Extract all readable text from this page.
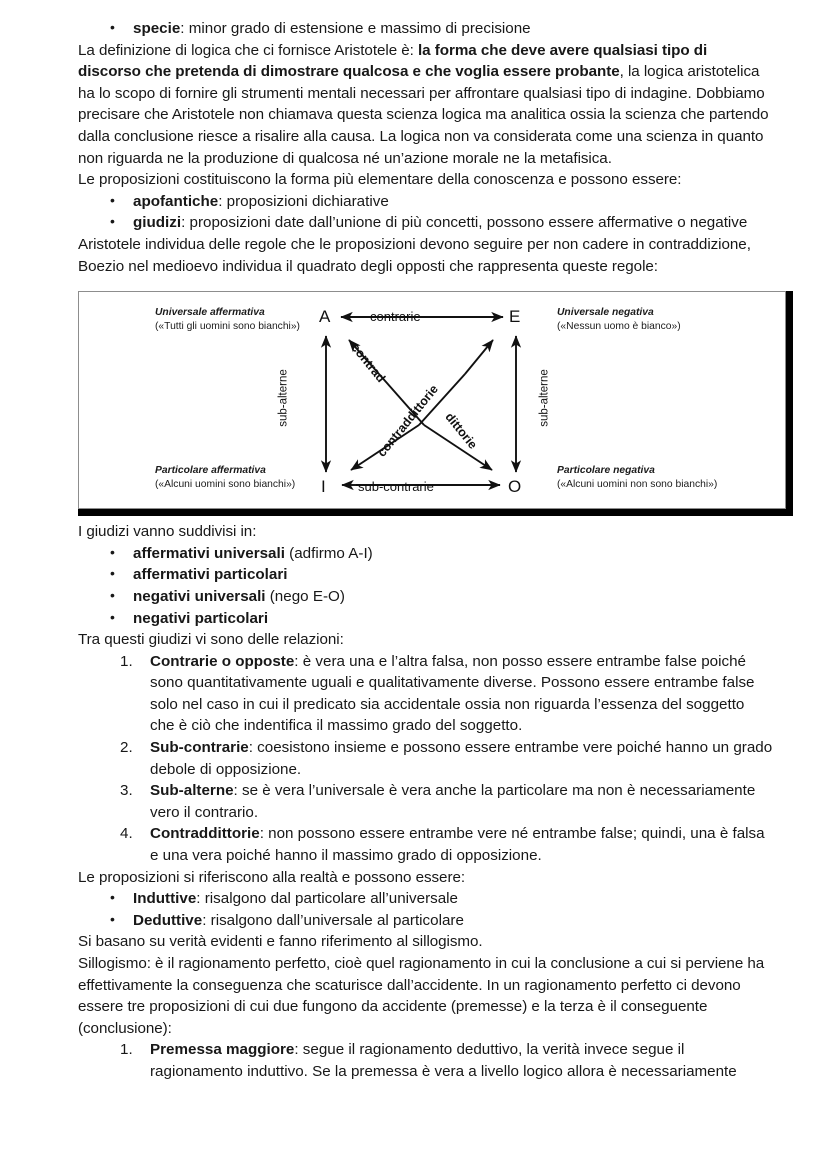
• specie: minor grado di estensione e massimo di precisione

La definizione di logica che ci fornisce Aristotele è: la forma che deve avere qualsiasi tipo di discorso che pretenda di dimostrare qualcosa e che voglia essere probante, la logica aristotelica ha lo scopo di fornire gli strumenti mentali necessari per affrontare qualsiasi tipo di indagine. Dobbiamo precisare che Aristotele non chiamava questa scienza logica ma analitica ossia la scienza che partendo dalla conclusione riesce a risalire alla causa. La logica non va considerata come una scienza in quanto non riguarda ne la produzione di qualcosa né un’azione morale ne la metafisica.

Le proposizioni costituiscono la forma più elementare della conoscenza e possono essere:

• apofantiche: proposizioni dichiarative
• giudizi: proposizioni date dall’unione di più concetti, possono essere affermative o negative

Aristotele individua delle regole che le proposizioni devono seguire per non cadere in contraddizione, Boezio nel medioevo individua il quadrato degli opposti che rappresenta queste regole:

A	E
I	O
contrarie
sub-contrarie
sub-alterne	sub-alterne
contrad
dittorie
contraddittorie
Universale affermativa
(«Tutti gli uomini sono bianchi»)
Universale negativa
(«Nessun uomo è bianco»)
Particolare affermativa
(«Alcuni uomini sono bianchi»)
Particolare negativa
(«Alcuni uomini non sono bianchi»)

I giudizi vanno suddivisi in:

• affermativi universali (adfirmo A-I)
• affermativi particolari
• negativi universali (nego E-O)
• negativi particolari

Tra questi giudizi vi sono delle relazioni:

Contrarie o opposte: è vera una e l’altra falsa, non posso essere entrambe false poiché sono quantitativamente uguali e qualitativamente diverse. Possono essere entrambe false solo nel caso in cui il predicato sia accidentale ossia non riguarda l’essenza del soggetto che è ciò che indentifica il massimo grado del soggetto.
Sub-contrarie: coesistono insieme e possono essere entrambe vere poiché hanno un grado debole di opposizione.
Sub-alterne: se è vera l’universale è vera anche la particolare ma non è necessariamente vero il contrario.
Contraddittorie: non possono essere entrambe vere né entrambe false; quindi, una è falsa e una vera poiché hanno il massimo grado di opposizione.

Le proposizioni si riferiscono alla realtà e possono essere:

• Induttive: risalgono dal particolare all’universale
• Deduttive: risalgono dall’universale al particolare

Si basano su verità evidenti e fanno riferimento al sillogismo.

Sillogismo: è il ragionamento perfetto, cioè quel ragionamento in cui la conclusione a cui si perviene ha effettivamente la conseguenza che scaturisce dall’accidente. In un ragionamento perfetto ci devono essere tre proposizioni di cui due fungono da accidente (premesse) e la terza è il conseguente (conclusione):

Premessa maggiore: segue il ragionamento deduttivo, la verità invece segue il ragionamento induttivo. Se la premessa è vera a livello logico allora è necessariamente
